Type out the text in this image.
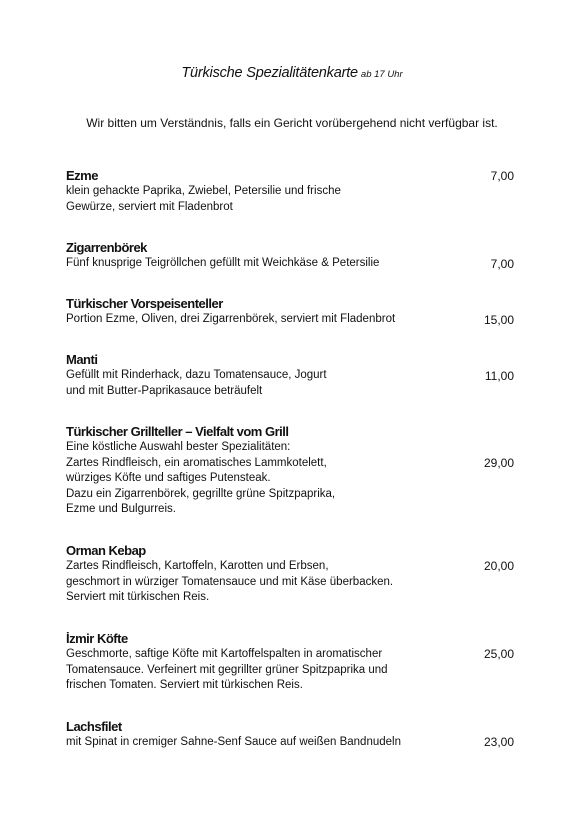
Türkische Spezialitätenkarte ab 17 Uhr
Wir bitten um Verständnis, falls ein Gericht vorübergehend nicht verfügbar ist.
Ezme
klein gehackte Paprika, Zwiebel, Petersilie und frische
Gewürze, serviert mit Fladenbrot
7,00
Zigarrenbörek
Fünf knusprige Teigröllchen gefüllt mit Weichkäse & Petersilie	7,00
Türkischer Vorspeisenteller
Portion Ezme, Oliven, drei Zigarrenbörek, serviert mit Fladenbrot	15,00
Manti
Gefüllt mit Rinderhack, dazu Tomatensauce, Jogurt
und mit Butter-Paprikasauce beträufelt
11,00
Türkischer Grillteller – Vielfalt vom Grill
Eine köstliche Auswahl bester Spezialitäten:
Zartes Rindfleisch, ein aromatisches Lammkotelett,
würziges Köfte und saftiges Putensteak.
Dazu ein Zigarrenbörek, gegrillte grüne Spitzpaprika,
Ezme und Bulgurreis.
29,00
Orman Kebap
Zartes Rindfleisch, Kartoffeln, Karotten und Erbsen,
geschmort in würziger Tomatensauce und mit Käse überbacken.
Serviert mit türkischen Reis.
20,00
İzmir Köfte
Geschmorte, saftige Köfte mit Kartoffelspalten in aromatischer
Tomatensauce. Verfeinert mit gegrillter grüner Spitzpaprika und
frischen Tomaten. Serviert mit türkischen Reis.
25,00
Lachsfilet
mit Spinat in cremiger Sahne-Senf Sauce auf weißen Bandnudeln	23,00
